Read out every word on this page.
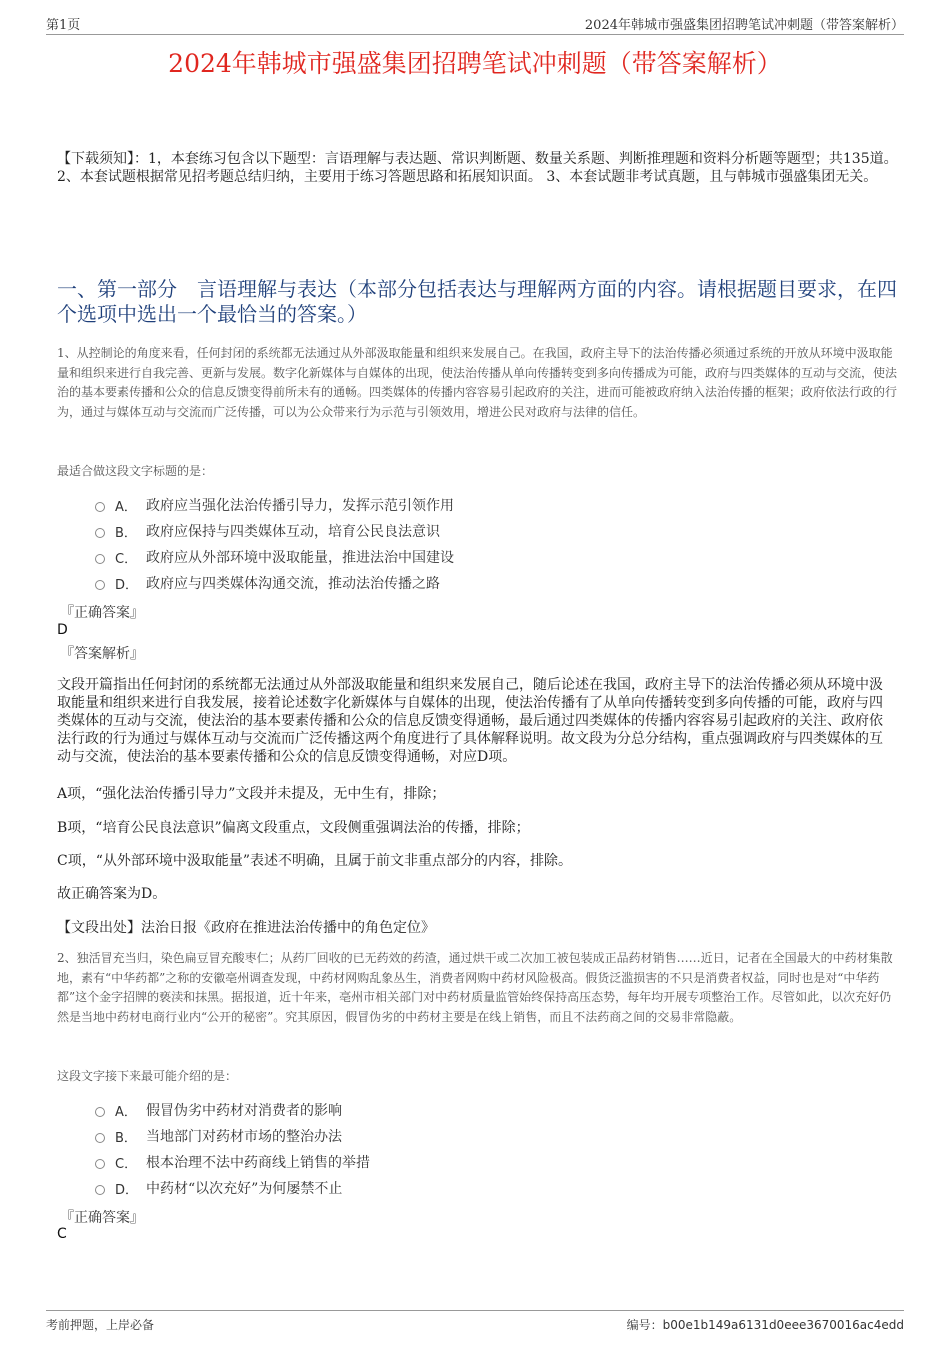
第1页	2024年韩城市强盛集团招聘笔试冲刺题（带答案解析）
2024年韩城市强盛集团招聘笔试冲刺题（带答案解析）
【下载须知】：1，本套练习包含以下题型：言语理解与表达题、常识判断题、数量关系题、判断推理题和资料分析题等题型；共135道。 2、本套试题根据常见招考题总结归纳，主要用于练习答题思路和拓展知识面。 3、本套试题非考试真题，且与韩城市强盛集团无关。
一、第一部分　言语理解与表达（本部分包括表达与理解两方面的内容。请根据题目要求，在四个选项中选出一个最恰当的答案。）
1、从控制论的角度来看，任何封闭的系统都无法通过从外部汲取能量和组织来发展自己。在我国，政府主导下的法治传播必须通过系统的开放从环境中汲取能量和组织来进行自我完善、更新与发展。数字化新媒体与自媒体的出现，使法治传播从单向传播转变到多向传播成为可能，政府与四类媒体的互动与交流，使法治的基本要素传播和公众的信息反馈变得前所未有的通畅。四类媒体的传播内容容易引起政府的关注，进而可能被政府纳入法治传播的框架；政府依法行政的行为，通过与媒体互动与交流而广泛传播，可以为公众带来行为示范与引领效用，增进公民对政府与法律的信任。
最适合做这段文字标题的是：
A． 政府应当强化法治传播引导力，发挥示范引领作用
B． 政府应保持与四类媒体互动，培育公民良法意识
C． 政府应从外部环境中汲取能量，推进法治中国建设
D． 政府应与四类媒体沟通交流，推动法治传播之路
『正确答案』
D
『答案解析』
文段开篇指出任何封闭的系统都无法通过从外部汲取能量和组织来发展自己，随后论述在我国，政府主导下的法治传播必须从环境中汲取能量和组织来进行自我发展，接着论述数字化新媒体与自媒体的出现，使法治传播有了从单向传播转变到多向传播的可能，政府与四类媒体的互动与交流，使法治的基本要素传播和公众的信息反馈变得通畅，最后通过四类媒体的传播内容容易引起政府的关注、政府依法行政的行为通过与媒体互动与交流而广泛传播这两个角度进行了具体解释说明。故文段为分总分结构，重点强调政府与四类媒体的互动与交流，使法治的基本要素传播和公众的信息反馈变得通畅，对应D项。
A项，“强化法治传播引导力”文段并未提及，无中生有，排除；
B项，“培育公民良法意识”偏离文段重点，文段侧重强调法治的传播，排除；
C项，“从外部环境中汲取能量”表述不明确，且属于前文非重点部分的内容，排除。
故正确答案为D。
【文段出处】法治日报《政府在推进法治传播中的角色定位》
2、独活冒充当归，染色扁豆冒充酸枣仁；从药厂回收的已无药效的药渣，通过烘干或二次加工被包装成正品药材销售……近日，记者在全国最大的中药材集散地，素有“中华药都”之称的安徽亳州调查发现，中药材网购乱象丛生，消费者网购中药材风险极高。假货泛滥损害的不只是消费者权益，同时也是对“中华药都”这个金字招牌的亵渎和抹黑。据报道，近十年来，亳州市相关部门对中药材质量监管始终保持高压态势，每年均开展专项整治工作。尽管如此，以次充好仍然是当地中药材电商行业内“公开的秘密”。究其原因，假冒伪劣的中药材主要是在线上销售，而且不法药商之间的交易非常隐蔽。
这段文字接下来最可能介绍的是：
A． 假冒伪劣中药材对消费者的影响
B． 当地部门对药材市场的整治办法
C． 根本治理不法中药商线上销售的举措
D． 中药材“以次充好”为何屡禁不止
『正确答案』
C
考前押题，上岸必备	编号：b00e1b149a6131d0eee3670016ac4edd
